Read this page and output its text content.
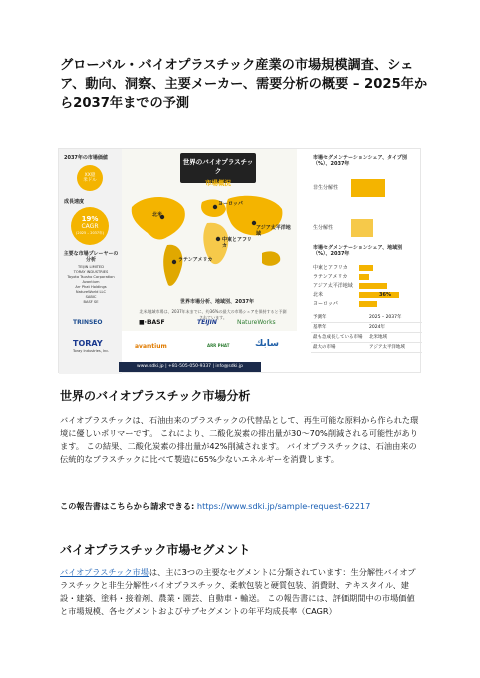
グローバル・バイオプラスチック産業の市場規模調査、シェア、動向、洞察、主要メーカー、需要分析の概要 – 2025年から2037年までの予測
2037年の市場価値
XX億
米ドル
成長速度
19%
CAGR
(2025 – 2037年)
主要な市場プレーヤーの分析
TEIJIN LIMITED
TORAY INDUSTRIES
Toyota Tsusho Corporation
Avantium
Arr Phat Holdings
NatureWorld LLC
SABIC
BASF SE
世界のバイオプラスチック
市場概況
北米
ヨーロッパ
中東とアフリカ
アジア太平洋地域
ラテンアメリカ
世界市場分析、地域別、2037年
北米地域市場は、2037年末までに、約36%の最大の市場シェアを保持すると予測されています。
市場セグメンテーションシェア、タイプ別（%）、2037年
非生分解性
生分解性
市場セグメンテーションシェア、地域別（%）、2037年
中東とアフリカ
ラテンアメリカ
アジア太平洋地域
北米	36%
ヨーロッパ
予測年	2025 – 2037年
基準年	2024年
最も急成長している市場 北米地域
最大の市場	アジア太平洋地域
TRINSEO	■·BASF	TEIJIN	NatureWorks
TORAY
Toray Industries, Inc.
avantium	ARR PHAT	سابك
www.sdki.jp | +81-505-050-9337 | info@sdki.jp
世界のバイオプラスチック市場分析

バイオプラスチックは、石油由来のプラスチックの代替品として、再生可能な原料から作られた環境に優しいポリマーです。 これにより、二酸化炭素の排出量が30～70%削減される可能性があります。 この結果、二酸化炭素の排出量が42%削減されます。 バイオプラスチックは、石油由来の伝統的なプラスチックに比べて製造に65%少ないエネルギーを消費します。

この報告書はこちらから請求できる: https://www.sdki.jp/sample-request-62217

バイオプラスチック市場セグメント

バイオプラスチック市場は、主に3つの主要なセグメントに分類されています：生分解性バイオプラスチックと非生分解性バイオプラスチック、柔軟包装と硬質包装、消費財、テキスタイル、建設・建築、塗料・接着剤、農業・園芸、自動車・輸送。 この報告書には、評価期間中の市場価値と市場規模、各セグメントおよびサブセグメントの年平均成長率（CAGR）
